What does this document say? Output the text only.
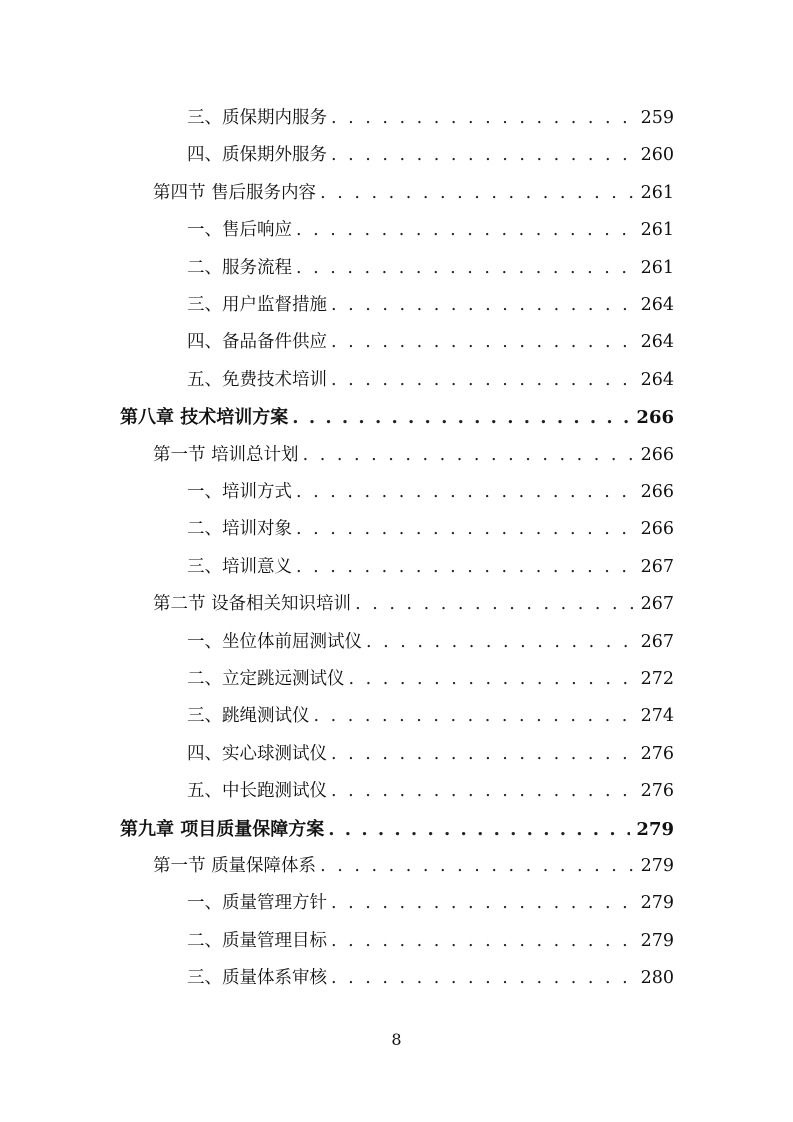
三、质保期内服务 . . .	259
四、质保期外服务 . . .	260
第四节 售后服务内容 . . .	261
一、售后响应 . . .	261
二、服务流程 . . .	261
三、用户监督措施 . . .	264
四、备品备件供应 . . .	264
五、免费技术培训 . . .	264
第八章 技术培训方案 . . .	266
第一节 培训总计划 . . .	266
一、培训方式 . . .	266
二、培训对象 . . .	266
三、培训意义 . . .	267
第二节 设备相关知识培训 . . .	267
一、坐位体前屈测试仪 . . .	267
二、立定跳远测试仪 . . .	272
三、跳绳测试仪 . . .	274
四、实心球测试仪 . . .	276
五、中长跑测试仪 . . .	276
第九章 项目质量保障方案 . . .	279
第一节 质量保障体系 . . .	279
一、质量管理方针 . . .	279
二、质量管理目标 . . .	279
三、质量体系审核 . . .	280
8
